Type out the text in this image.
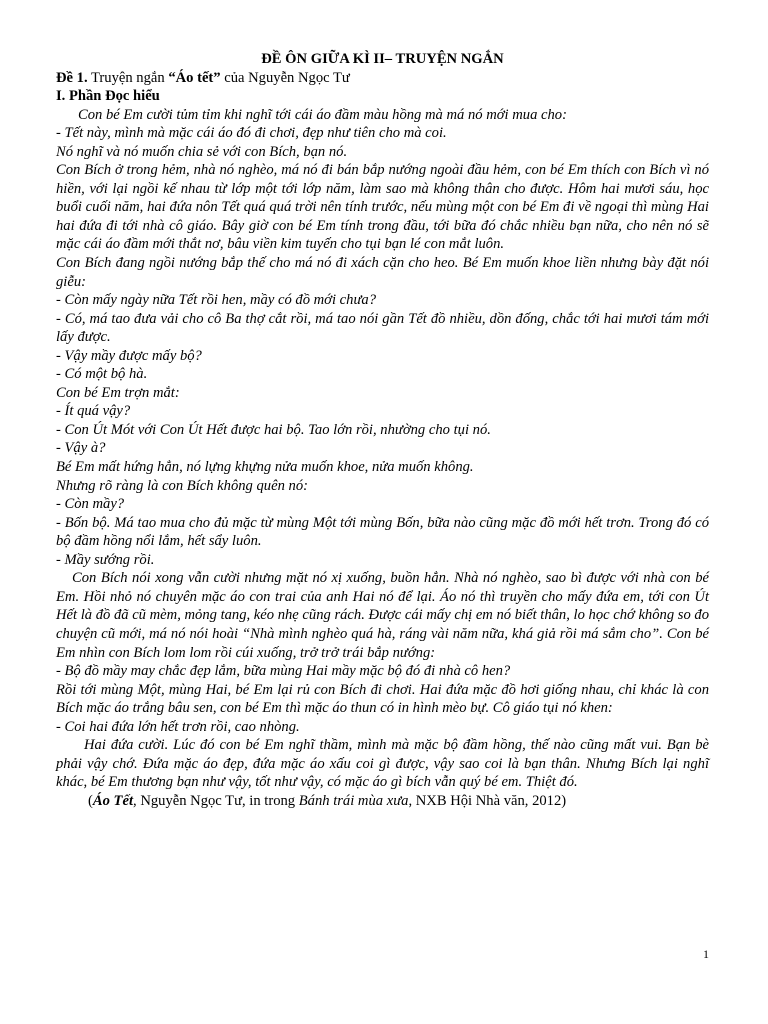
ĐỀ ÔN GIỮA KÌ II– TRUYỆN NGẮN

Đề 1. Truyện ngắn “Áo tết” của Nguyễn Ngọc Tư

I. Phần Đọc hiểu

Con bé Em cười tủm tỉm khi nghĩ tới cái áo đầm màu hồng mà má nó mới mua cho:

- Tết này, mình mà mặc cái áo đó đi chơi, đẹp như tiên cho mà coi.

Nó nghĩ và nó muốn chia sẻ với con Bích, bạn nó.

Con Bích ở trong hẻm, nhà nó nghèo, má nó đi bán bắp nướng ngoài đầu hẻm, con bé Em thích con Bích vì nó hiền, với lại ngồi kế nhau từ lớp một tới lớp năm, làm sao mà không thân cho được. Hôm hai mươi sáu, học buổi cuối năm, hai đứa nôn Tết quá quá trời nên tính trước, nếu mùng một con bé Em đi về ngoại thì mùng Hai hai đứa đi tới nhà cô giáo. Bây giờ con bé Em tính trong đầu, tới bữa đó chắc nhiều bạn nữa, cho nên nó sẽ mặc cái áo đầm mới thắt nơ, bâu viền kim tuyến cho tụi bạn lé con mắt luôn.

Con Bích đang ngồi nướng bắp thế cho má nó đi xách cặn cho heo. Bé Em muốn khoe liền nhưng bày đặt nói giễu:

- Còn mấy ngày nữa Tết rồi hen, mầy có đồ mới chưa?

- Có, má tao đưa vải cho cô Ba thợ cắt rồi, má tao nói gần Tết đồ nhiều, dồn đống, chắc tới hai mươi tám mới lấy được.

- Vậy mầy được mấy bộ?

- Có một bộ hà.

Con bé Em trợn mắt:

- Ít quá vậy?

- Con Út Mót với Con Út Hết được hai bộ. Tao lớn rồi, nhường cho tụi nó.

- Vậy à?

Bé Em mất hứng hẳn, nó lựng khựng nửa muốn khoe, nửa muốn không.

Nhưng rõ ràng là con Bích không quên nó:

- Còn mầy?

- Bốn bộ. Má tao mua cho đủ mặc từ mùng Một tới mùng Bốn, bữa nào cũng mặc đồ mới hết trơn. Trong đó có bộ đầm hồng nổi lắm, hết sẩy luôn.

- Mầy sướng rồi.

Con Bích nói xong vẫn cười nhưng mặt nó xị xuống, buồn hẳn. Nhà nó nghèo, sao bì được với nhà con bé Em. Hồi nhỏ nó chuyên mặc áo con trai của anh Hai nó để lại. Áo nó thì truyền cho mấy đứa em, tới con Út Hết là đồ đã cũ mèm, mỏng tang, kéo nhẹ cũng rách. Được cái mấy chị em nó biết thân, lo học chớ không so đo chuyện cũ mới, má nó nói hoài “Nhà mình nghèo quá hà, ráng vài năm nữa, khá giả rồi má sắm cho”. Con bé Em nhìn con Bích lom lom rồi cúi xuống, trở trở trái bắp nướng:

- Bộ đồ mầy may chắc đẹp lắm, bữa mùng Hai mầy mặc bộ đó đi nhà cô hen?

Rồi tới mùng Một, mùng Hai, bé Em lại rủ con Bích đi chơi. Hai đứa mặc đồ hơi giống nhau, chỉ khác là con Bích mặc áo trắng bâu sen, con bé Em thì mặc áo thun có in hình mèo bự. Cô giáo tụi nó khen:

- Coi hai đứa lớn hết trơn rồi, cao nhòng.

Hai đứa cười. Lúc đó con bé Em nghĩ thầm, mình mà mặc bộ đầm hồng, thế nào cũng mất vui. Bạn bè phải vậy chớ. Đứa mặc áo đẹp, đứa mặc áo xấu coi gì được, vậy sao coi là bạn thân. Nhưng Bích lại nghĩ khác, bé Em thương bạn như vậy, tốt như vậy, có mặc áo gì bích vẫn quý bé em. Thiệt đó.

(Áo Tết, Nguyễn Ngọc Tư, in trong Bánh trái mùa xưa, NXB Hội Nhà văn, 2012)

1
